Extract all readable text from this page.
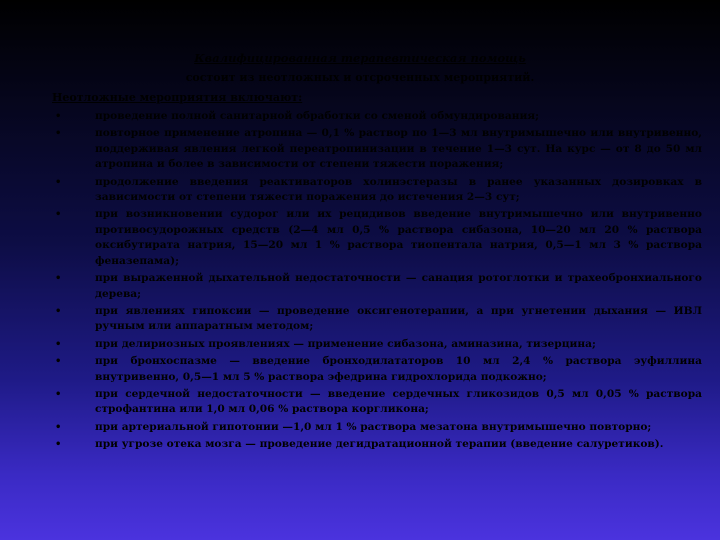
Квалифицированная терапевтическая помощь
состоит из неотложных и отсроченных мероприятий.
Неотложные мероприятия включают:
•	проведение полной санитарной обработки со сменой обмундирования;
•	повторное применение атропина — 0,1 % раствор по 1—3 мл внутримышечно или внутривенно, поддерживая явления легкой переатропинизации в течение 1—3 сут. На курс — от 8 до 50 мл атропина и более в зависимости от степени тяжести поражения;
•	продолжение введения реактиваторов холинэстеразы в ранее указанных дозировках в зависимости от степени тяжести поражения до истечения 2—3 сут;
•	при возникновении судорог или их рецидивов введение внутримышечно или внутривенно противосудорожных средств (2—4 мл 0,5 % раствора сибазона, 10—20 мл 20 % раствора оксибутирата натрия, 15—20 мл 1 % раствора тиопентала натрия, 0,5—1 мл 3 % раствора феназепама);
•	при выраженной дыхательной недостаточности — санация ротоглотки и трахеобронхиального дерева;
•	при явлениях гипоксии — проведение оксигенотерапии, а при угнетении дыхания — ИВЛ ручным или аппаратным методом;
•	при делириозных проявлениях — применение сибазона, аминазина, тизерцина;
•	при бронхоспазме — введение бронходилататоров 10 мл 2,4 % раствора эуфиллина внутривенно, 0,5—1 мл 5 % раствора эфедрина гидрохлорида подкожно;
•	при сердечной недостаточности — введение сердечных гликозидов 0,5 мл 0,05 % раствора строфантина или 1,0 мл 0,06 % раствора коргликона;
•	при артериальной гипотонии —1,0 мл 1 % раствора мезатона внутримышечно повторно;
•	при угрозе отека мозга — проведение дегидратационной терапии (введение салуретиков).
